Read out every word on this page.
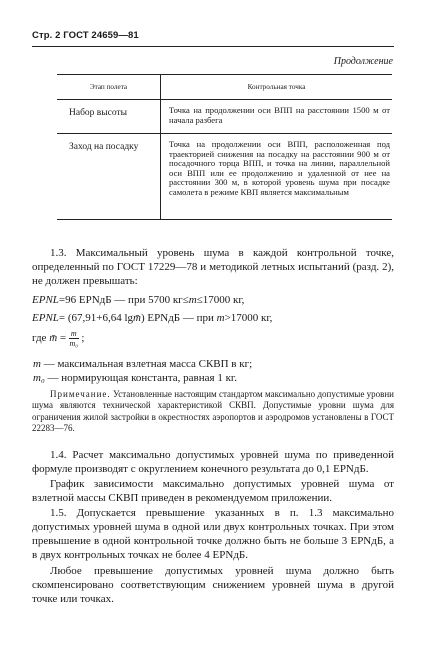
Стр. 2 ГОСТ 24659—81
Продолжение
Этап полета	Контрольная точка
Набор высоты	Точка на продолжении оси ВПП на расстоянии 1500 м от начала разбега
Заход на посадку	Точка на продолжении оси ВПП, расположенная под траекторией снижения на посадку на расстоянии 900 м от посадочного торца ВПП, и точка на линии, параллельной оси ВПП или ее продолжению и удаленной от нее на расстоянии 300 м, в которой уровень шума при посадке самолета в режиме КВП является максимальным

1.3. Максимальный уровень шума в каждой контрольной точке, определенный по ГОСТ 17229—78 и методикой летных испытаний (разд. 2), не должен превышать:

EPNL=96 EPNдБ — при 5700 кг≤m≤17000 кг,
EPNL= (67,91+6,64 lgm̄) EPNдБ — при m>17000 кг,
где m̄ = $\frac{m}{\text{m₀}}$ ;
m — максимальная взлетная масса СКВП в кг;
m₀ — нормирующая константа, равная 1 кг.
Примечание. Установленные настоящим стандартом максимально допустимые уровни шума являются технической характеристикой СКВП. Допустимые уровни шума для ограничения жилой застройки в окрестностях аэропортов и аэродромов установлены в ГОСТ 22283—76.

1.4. Расчет максимально допустимых уровней шума по приведенной формуле производят с округлением конечного результата до 0,1 EPNдБ.

График зависимости максимально допустимых уровней шума от взлетной массы СКВП приведен в рекомендуемом приложении.

1.5. Допускается превышение указанных в п. 1.3 максимально допустимых уровней шума в одной или двух контрольных точках. При этом превышение в одной контрольной точке должно быть не больше 3 EPNдБ, а в двух контрольных точках не более 4 EPNдБ.

Любое превышение допустимых уровней шума должно быть скомпенсировано соответствующим снижением уровней шума в другой точке или точках.
